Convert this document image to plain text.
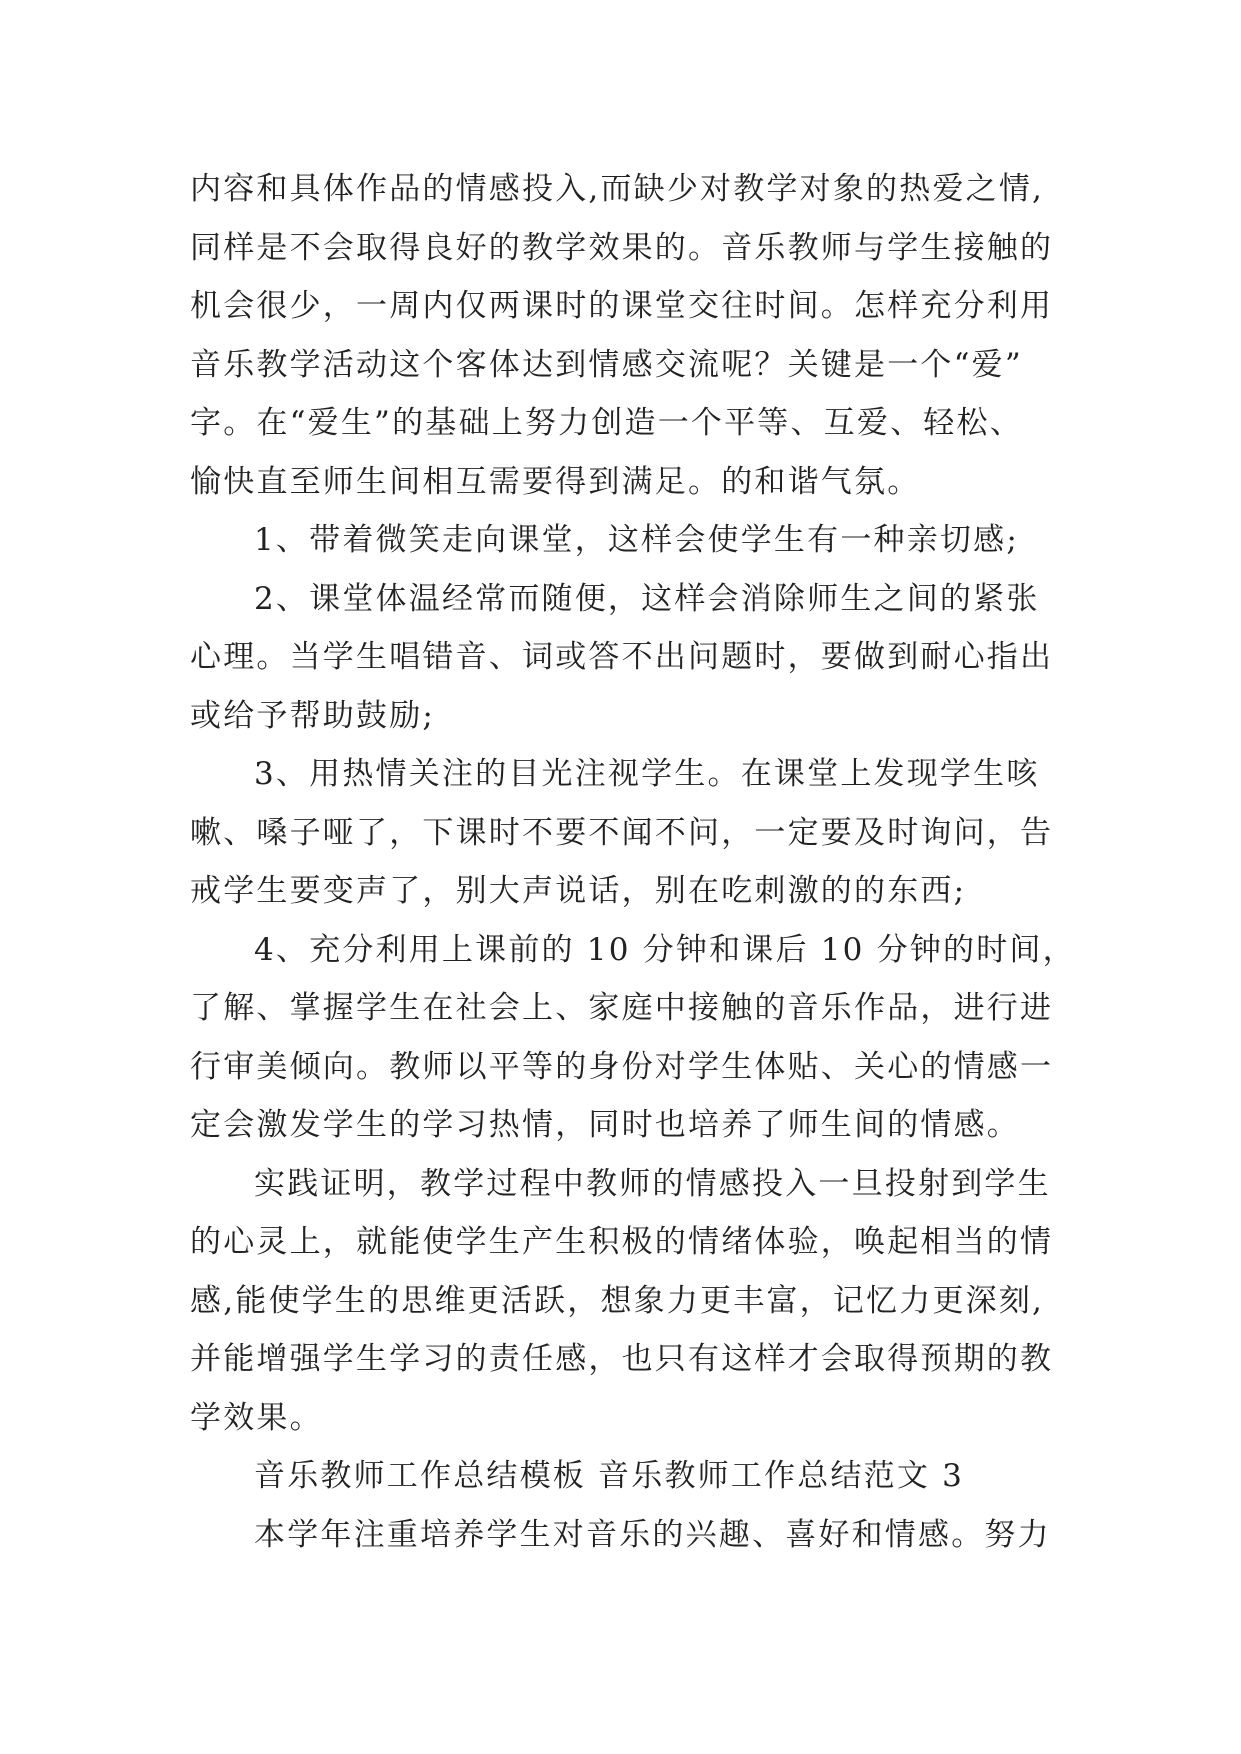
内容和具体作品的情感投入,而缺少对教学对象的热爱之情,
同样是不会取得良好的教学效果的。音乐教师与学生接触的
机会很少，一周内仅两课时的课堂交往时间。怎样充分利用
音乐教学活动这个客体达到情感交流呢？关键是一个“爱”
字。在“爱生”的基础上努力创造一个平等、互爱、轻松、
愉快直至师生间相互需要得到满足。的和谐气氛。
1、带着微笑走向课堂，这样会使学生有一种亲切感;
2、课堂体温经常而随便，这样会消除师生之间的紧张
心理。当学生唱错音、词或答不出问题时，要做到耐心指出
或给予帮助鼓励;
3、用热情关注的目光注视学生。在课堂上发现学生咳
嗽、嗓子哑了，下课时不要不闻不问，一定要及时询问，告
戒学生要变声了，别大声说话，别在吃刺激的的东西;
4、充分利用上课前的 10 分钟和课后 10 分钟的时间，
了解、掌握学生在社会上、家庭中接触的音乐作品，进行进
行审美倾向。教师以平等的身份对学生体贴、关心的情感一
定会激发学生的学习热情，同时也培养了师生间的情感。
实践证明，教学过程中教师的情感投入一旦投射到学生
的心灵上，就能使学生产生积极的情绪体验，唤起相当的情
感,能使学生的思维更活跃，想象力更丰富，记忆力更深刻,
并能增强学生学习的责任感，也只有这样才会取得预期的教
学效果。
音乐教师工作总结模板 音乐教师工作总结范文 3
本学年注重培养学生对音乐的兴趣、喜好和情感。努力
